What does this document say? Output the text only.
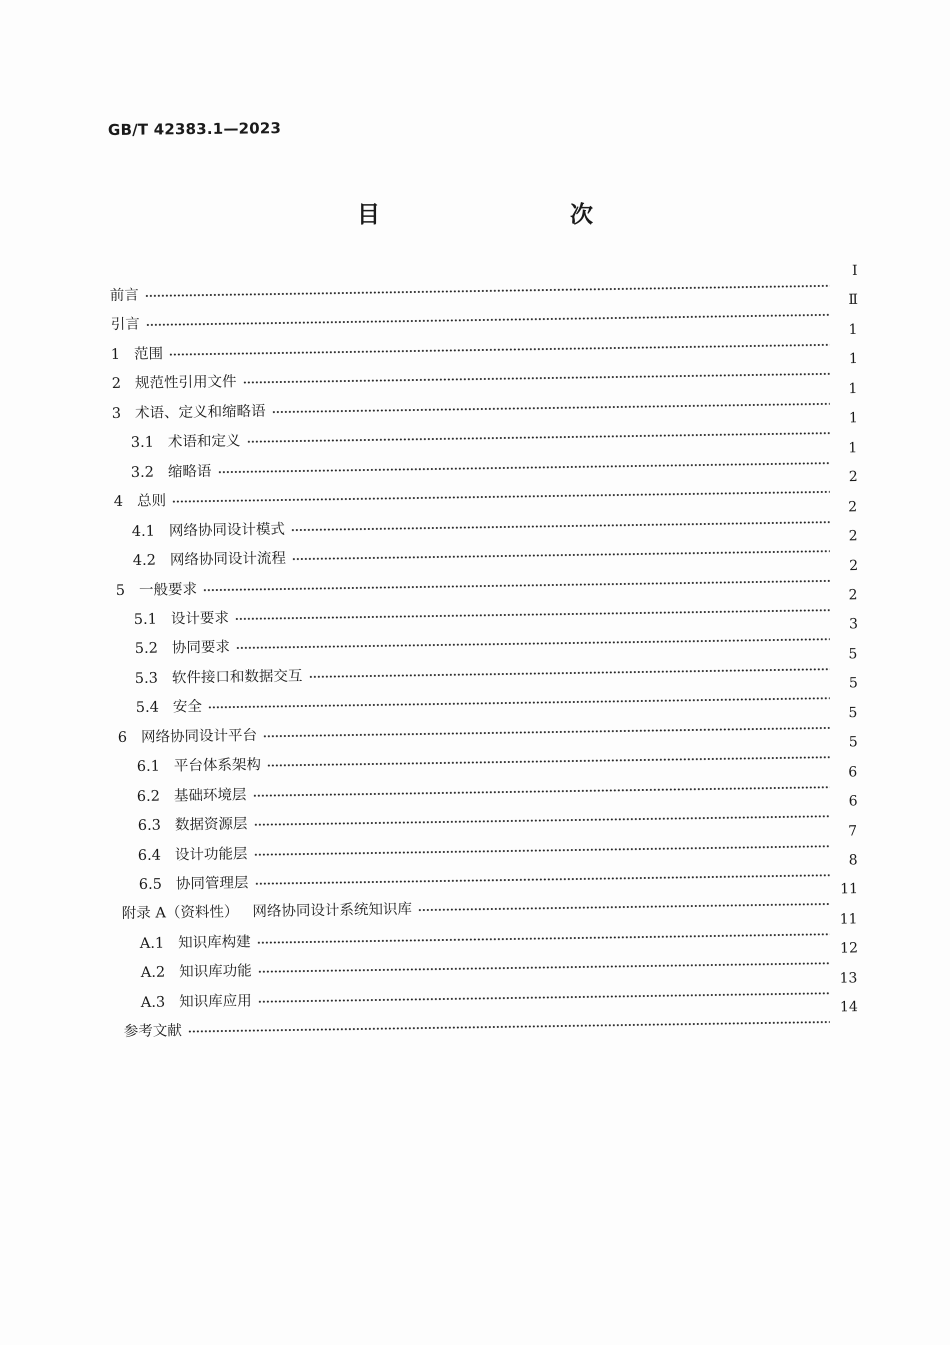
GB/T 42383.1—2023
目　　次
前言
Ⅰ
引言
Ⅱ
1 范围
1
2 规范性引用文件
1
3 术语、定义和缩略语
1
3.1 术语和定义
1
3.2 缩略语
1
4 总则
2
4.1 网络协同设计模式
2
4.2 网络协同设计流程
2
5 一般要求
2
5.1 设计要求
2
5.2 协同要求
3
5.3 软件接口和数据交互
5
5.4 安全
5
6 网络协同设计平台
5
6.1 平台体系架构
5
6.2 基础环境层
6
6.3 数据资源层
6
6.4 设计功能层
7
6.5 协同管理层
8
附录 A（资料性） 网络协同设计系统知识库
11
A.1 知识库构建
11
A.2 知识库功能
12
A.3 知识库应用
13
参考文献
14
